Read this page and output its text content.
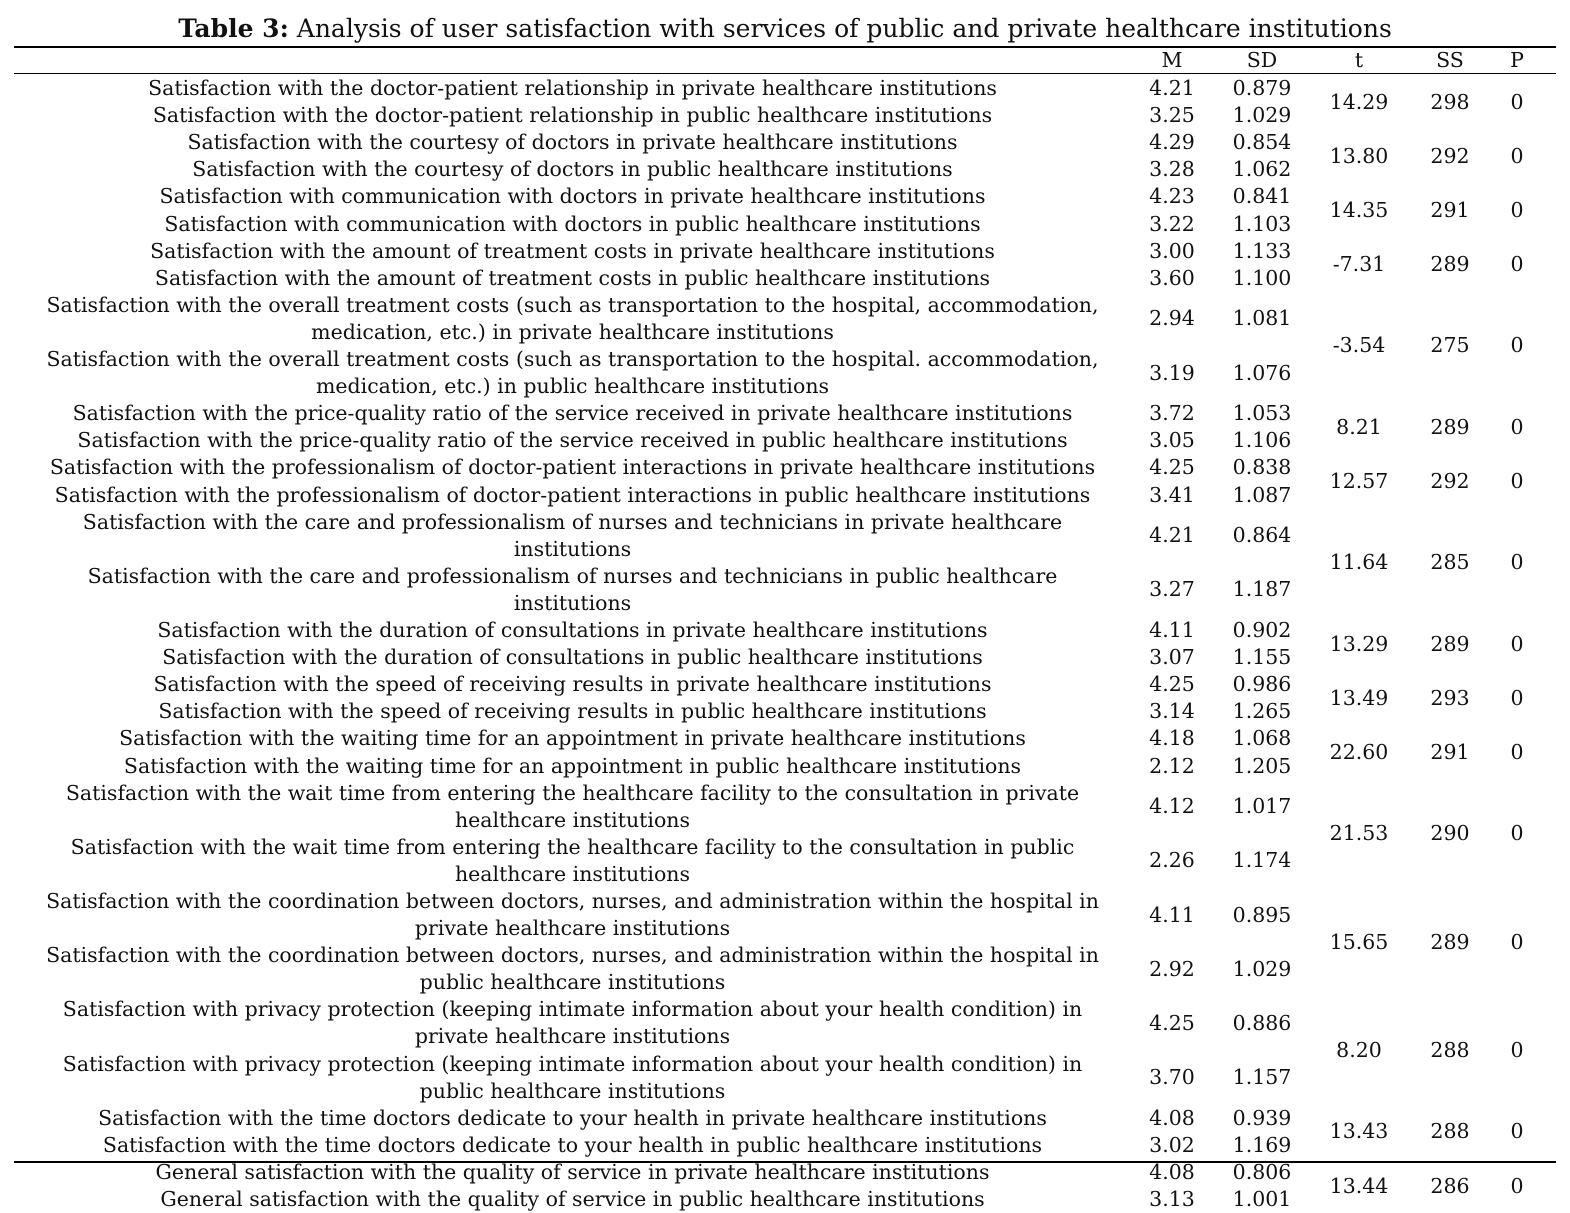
Table 3: Analysis of user satisfaction with services of public and private healthcare institutions
M	SD	t	SS	P
Satisfaction with the doctor-patient relationship in private healthcare institutions	4.21	0.879
Satisfaction with the doctor-patient relationship in public healthcare institutions	3.25	1.029
14.29	298	0
Satisfaction with the courtesy of doctors in private healthcare institutions	4.29	0.854
Satisfaction with the courtesy of doctors in public healthcare institutions	3.28	1.062
13.80	292	0
Satisfaction with communication with doctors in private healthcare institutions	4.23	0.841
Satisfaction with communication with doctors in public healthcare institutions	3.22	1.103
14.35	291	0
Satisfaction with the amount of treatment costs in private healthcare institutions	3.00	1.133
Satisfaction with the amount of treatment costs in public healthcare institutions	3.60	1.100
-7.31	289	0
Satisfaction with the overall treatment costs (such as transportation to the hospital, accommodation, medication, etc.) in private healthcare institutions
2.94	1.081
Satisfaction with the overall treatment costs (such as transportation to the hospital. accommodation, medication, etc.) in public healthcare institutions
3.19	1.076
-3.54	275	0
Satisfaction with the price-quality ratio of the service received in private healthcare institutions	3.72	1.053
Satisfaction with the price-quality ratio of the service received in public healthcare institutions	3.05	1.106
8.21	289	0
Satisfaction with the professionalism of doctor-patient interactions in private healthcare institutions	4.25	0.838
Satisfaction with the professionalism of doctor-patient interactions in public healthcare institutions	3.41	1.087
12.57	292	0
Satisfaction with the care and professionalism of nurses and technicians in private healthcare institutions
4.21	0.864
Satisfaction with the care and professionalism of nurses and technicians in public healthcare institutions
3.27	1.187
11.64	285	0
Satisfaction with the duration of consultations in private healthcare institutions	4.11	0.902
Satisfaction with the duration of consultations in public healthcare institutions	3.07	1.155
13.29	289	0
Satisfaction with the speed of receiving results in private healthcare institutions	4.25	0.986
Satisfaction with the speed of receiving results in public healthcare institutions	3.14	1.265
13.49	293	0
Satisfaction with the waiting time for an appointment in private healthcare institutions	4.18	1.068
Satisfaction with the waiting time for an appointment in public healthcare institutions	2.12	1.205
22.60	291	0
Satisfaction with the wait time from entering the healthcare facility to the consultation in private healthcare institutions
4.12	1.017
Satisfaction with the wait time from entering the healthcare facility to the consultation in public healthcare institutions
2.26	1.174
21.53	290	0
Satisfaction with the coordination between doctors, nurses, and administration within the hospital in private healthcare institutions
4.11	0.895
Satisfaction with the coordination between doctors, nurses, and administration within the hospital in public healthcare institutions
2.92	1.029
15.65	289	0
Satisfaction with privacy protection (keeping intimate information about your health condition) in private healthcare institutions
4.25	0.886
Satisfaction with privacy protection (keeping intimate information about your health condition) in public healthcare institutions
3.70	1.157
8.20	288	0
Satisfaction with the time doctors dedicate to your health in private healthcare institutions	4.08	0.939
Satisfaction with the time doctors dedicate to your health in public healthcare institutions	3.02	1.169
13.43	288	0
General satisfaction with the quality of service in private healthcare institutions	4.08	0.806
General satisfaction with the quality of service in public healthcare institutions	3.13	1.001
13.44	286	0
